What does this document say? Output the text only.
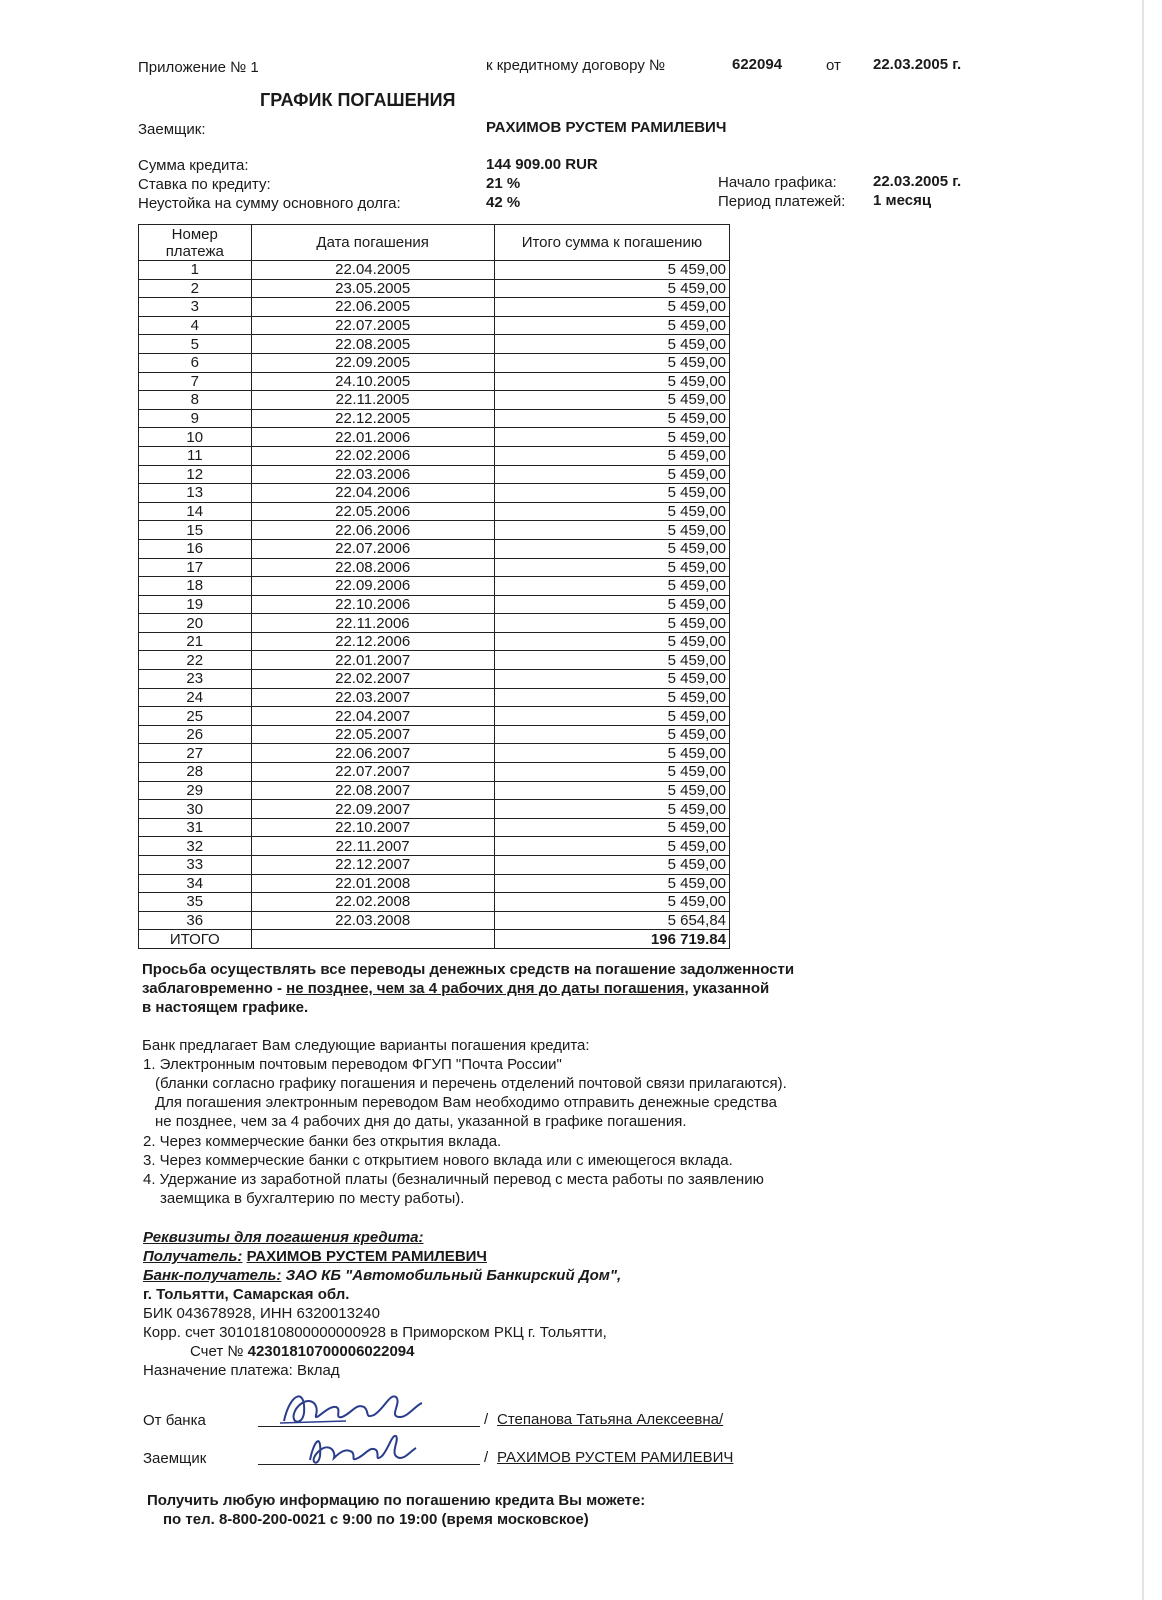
Приложение № 1	к кредитному договору №	622094	от 22.03.2005 г.
ГРАФИК ПОГАШЕНИЯ
Заемщик:	РАХИМОВ РУСТЕМ РАМИЛЕВИЧ
Сумма кредита:	144 909.00 RUR
Ставка по кредиту:	21 %
Неустойка на сумму основного долга:	42 %
Начало графика: 22.03.2005 г.
Период платежей: 1 месяц
Номер
платежа	Дата погашения	Итого сумма к погашению
1	22.04.2005	5 459,00
2	23.05.2005	5 459,00
3	22.06.2005	5 459,00
4	22.07.2005	5 459,00
5	22.08.2005	5 459,00
6	22.09.2005	5 459,00
7	24.10.2005	5 459,00
8	22.11.2005	5 459,00
9	22.12.2005	5 459,00
10	22.01.2006	5 459,00
11	22.02.2006	5 459,00
12	22.03.2006	5 459,00
13	22.04.2006	5 459,00
14	22.05.2006	5 459,00
15	22.06.2006	5 459,00
16	22.07.2006	5 459,00
17	22.08.2006	5 459,00
18	22.09.2006	5 459,00
19	22.10.2006	5 459,00
20	22.11.2006	5 459,00
21	22.12.2006	5 459,00
22	22.01.2007	5 459,00
23	22.02.2007	5 459,00
24	22.03.2007	5 459,00
25	22.04.2007	5 459,00
26	22.05.2007	5 459,00
27	22.06.2007	5 459,00
28	22.07.2007	5 459,00
29	22.08.2007	5 459,00
30	22.09.2007	5 459,00
31	22.10.2007	5 459,00
32	22.11.2007	5 459,00
33	22.12.2007	5 459,00
34	22.01.2008	5 459,00
35	22.02.2008	5 459,00
36	22.03.2008	5 654,84
ИТОГО		196 719.84
Просьба осуществлять все переводы денежных средств на погашение задолженности
заблаговременно - не позднее, чем за 4 рабочих дня до даты погашения, указанной
в настоящем графике.
Банк предлагает Вам следующие варианты погашения кредита:
1. Электронным почтовым переводом ФГУП "Почта России"
(бланки согласно графику погашения и перечень отделений почтовой связи прилагаются).
Для погашения электронным переводом Вам необходимо отправить денежные средства
не позднее, чем за 4 рабочих дня до даты, указанной в графике погашения.
2. Через коммерческие банки без открытия вклада.
3. Через коммерческие банки с открытием нового вклада или с имеющегося вклада.
4. Удержание из заработной платы (безналичный перевод с места работы по заявлению
заемщика в бухгалтерию по месту работы).
Реквизиты для погашения кредита:
Получатель: РАХИМОВ РУСТЕМ РАМИЛЕВИЧ
Банк-получатель: ЗАО КБ "Автомобильный Банкирский Дом",
г. Тольятти, Самарская обл.
БИК 043678928, ИНН 6320013240
Корр. счет 30101810800000000928 в Приморском РКЦ г. Тольятти,
Счет № 42301810700006022094
Назначение платежа: Вклад
От банка	/ Степанова Татьяна Алексеевна/
Заемщик	/ РАХИМОВ РУСТЕМ РАМИЛЕВИЧ
Получить любую информацию по погашению кредита Вы можете:
по тел. 8-800-200-0021 с 9:00 по 19:00 (время московское)
